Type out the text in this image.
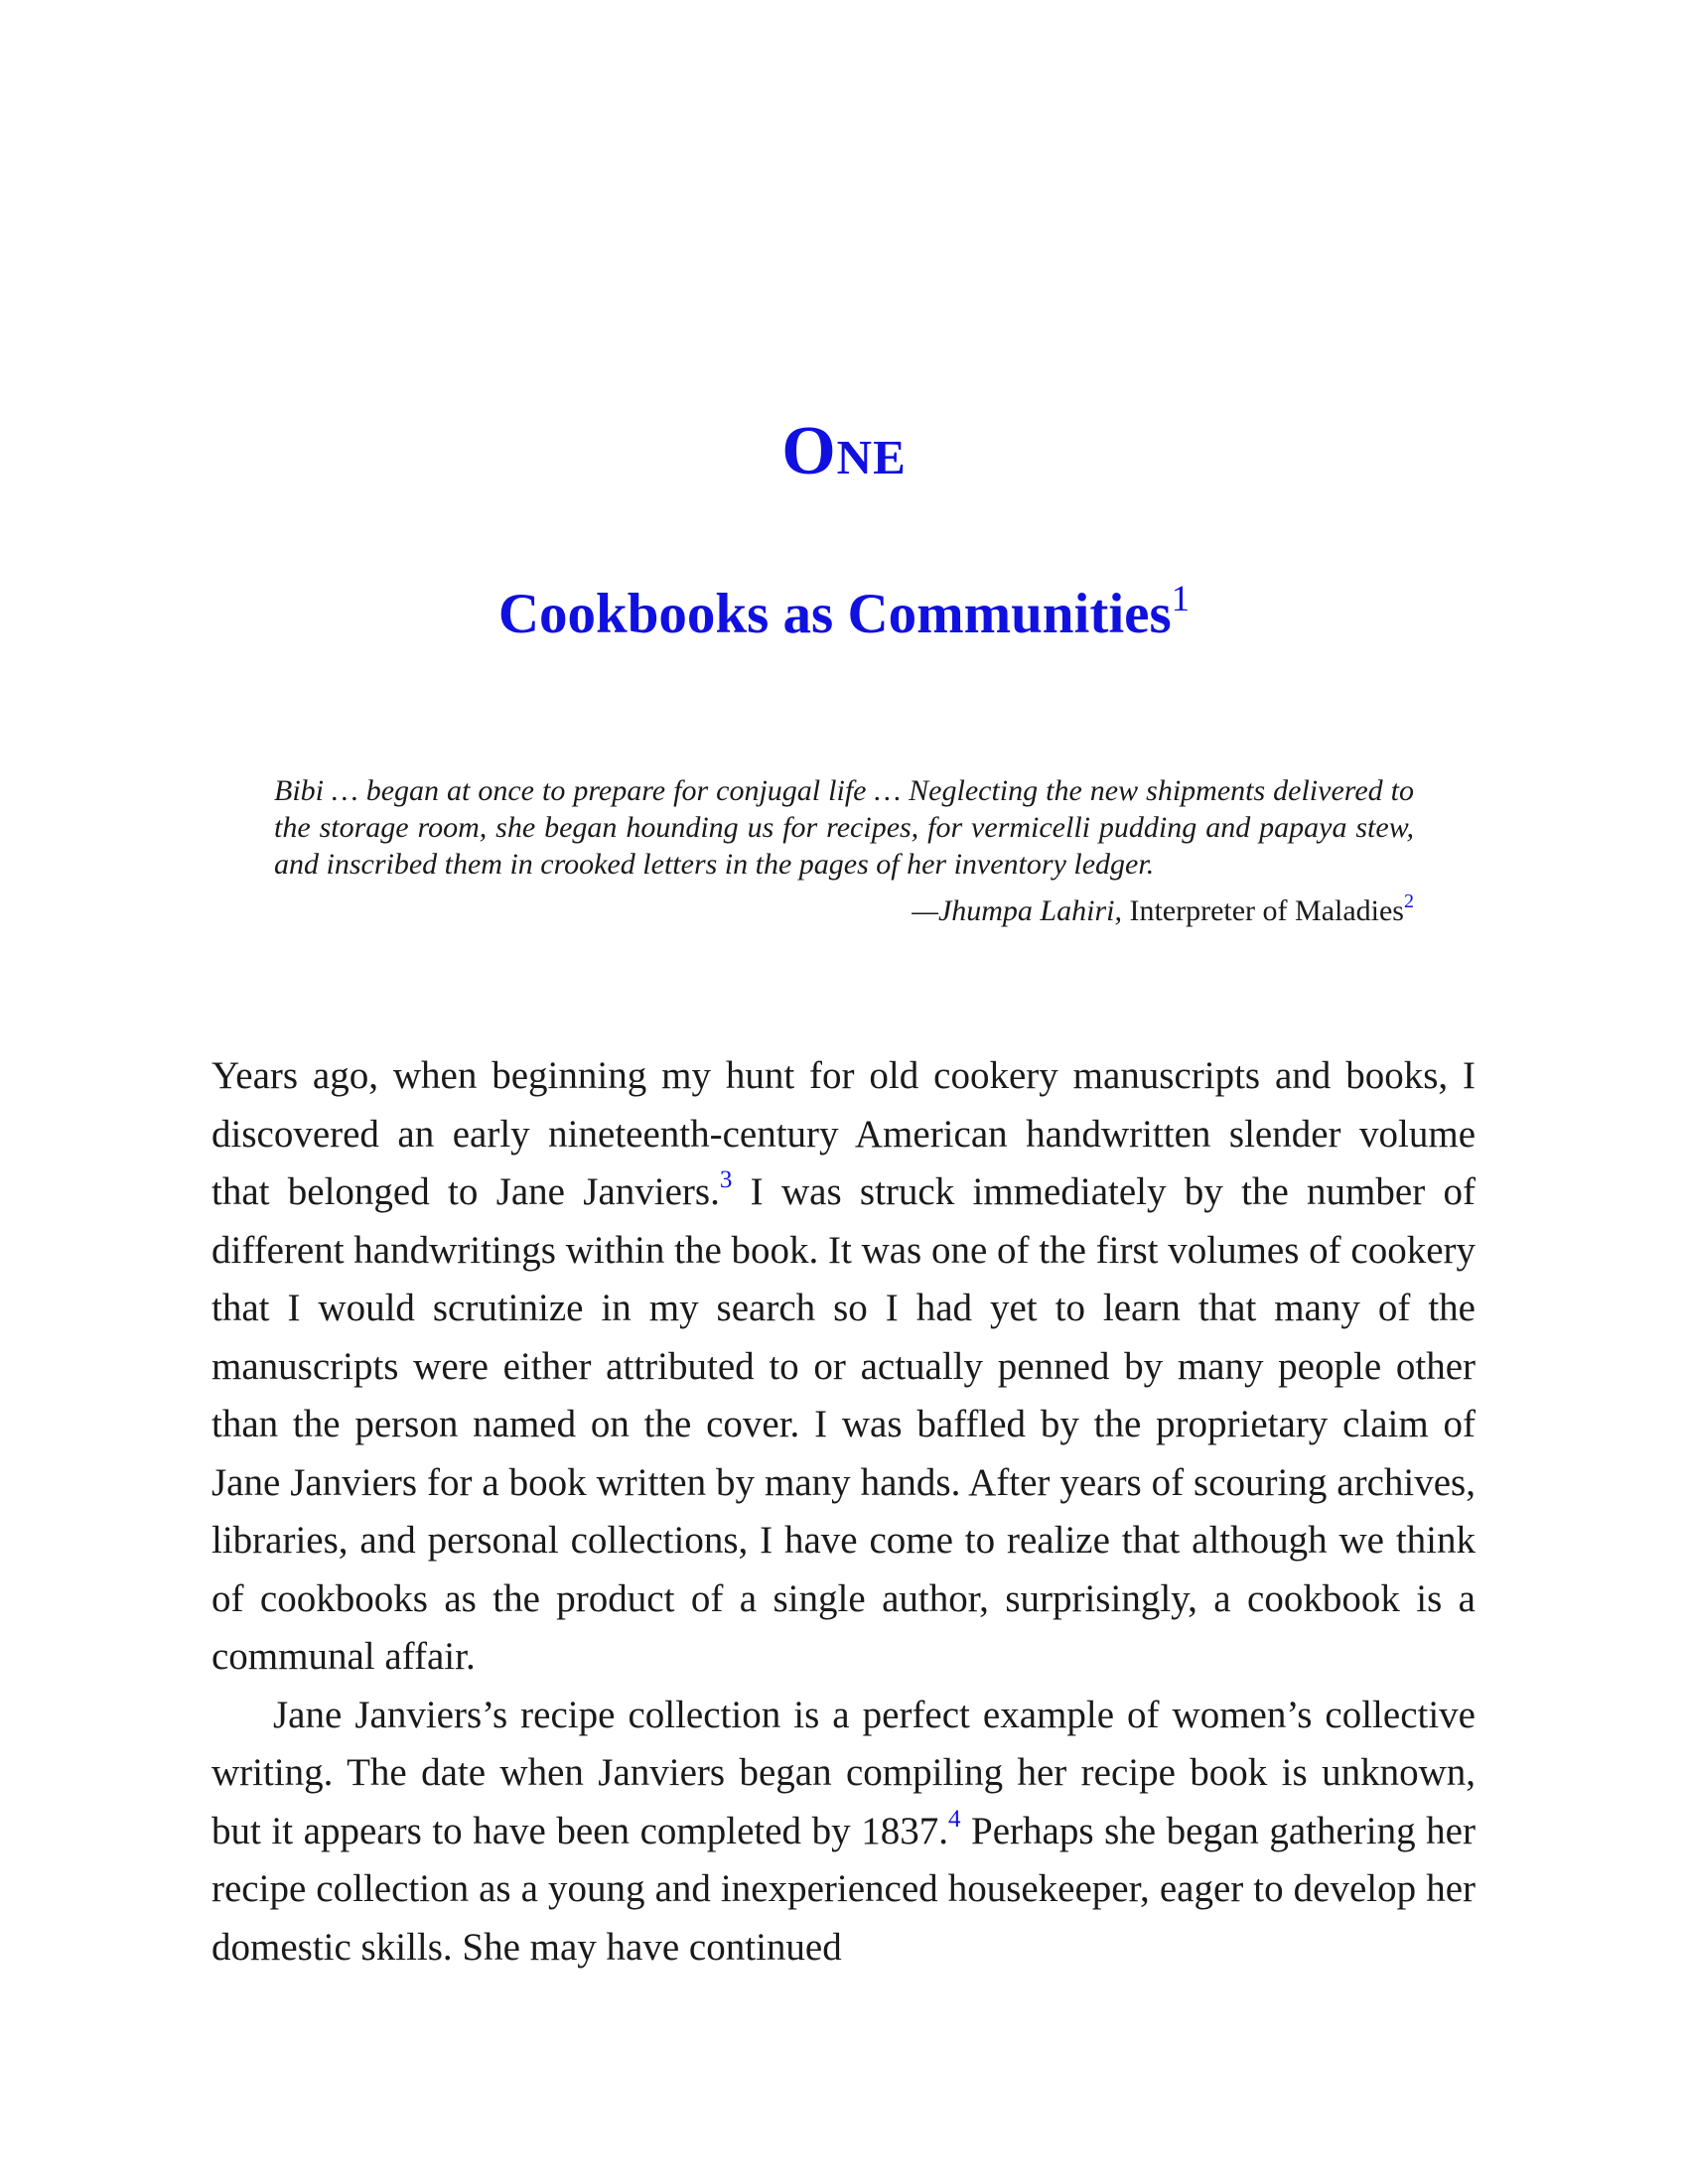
One
Cookbooks as Communities$^1$

Bibi … began at once to prepare for conjugal life … Neglecting the new shipments delivered to the storage room, she began hounding us for recipes, for vermicelli pudding and papaya stew, and inscribed them in crooked letters in the pages of her inventory ledger.

—Jhumpa Lahiri, Interpreter of Maladies$^2$

Years ago, when beginning my hunt for old cookery manuscripts and books, I discovered an early nineteenth-century American handwritten slender volume that belonged to Jane Janviers.$^3$ I was struck immediately by the number of different handwritings within the book. It was one of the first volumes of cookery that I would scrutinize in my search so I had yet to learn that many of the manuscripts were either attributed to or actually penned by many people other than the person named on the cover. I was baffled by the proprietary claim of Jane Janviers for a book written by many hands. After years of scouring archives, libraries, and personal collections, I have come to realize that although we think of cookbooks as the product of a single author, surprisingly, a cookbook is a communal affair.

Jane Janviers’s recipe collection is a perfect example of women’s collective writing. The date when Janviers began compiling her recipe book is unknown, but it appears to have been completed by 1837.$^4$ Perhaps she began gathering her recipe collection as a young and inexperienced housekeeper, eager to develop her domestic skills. She may have continued
